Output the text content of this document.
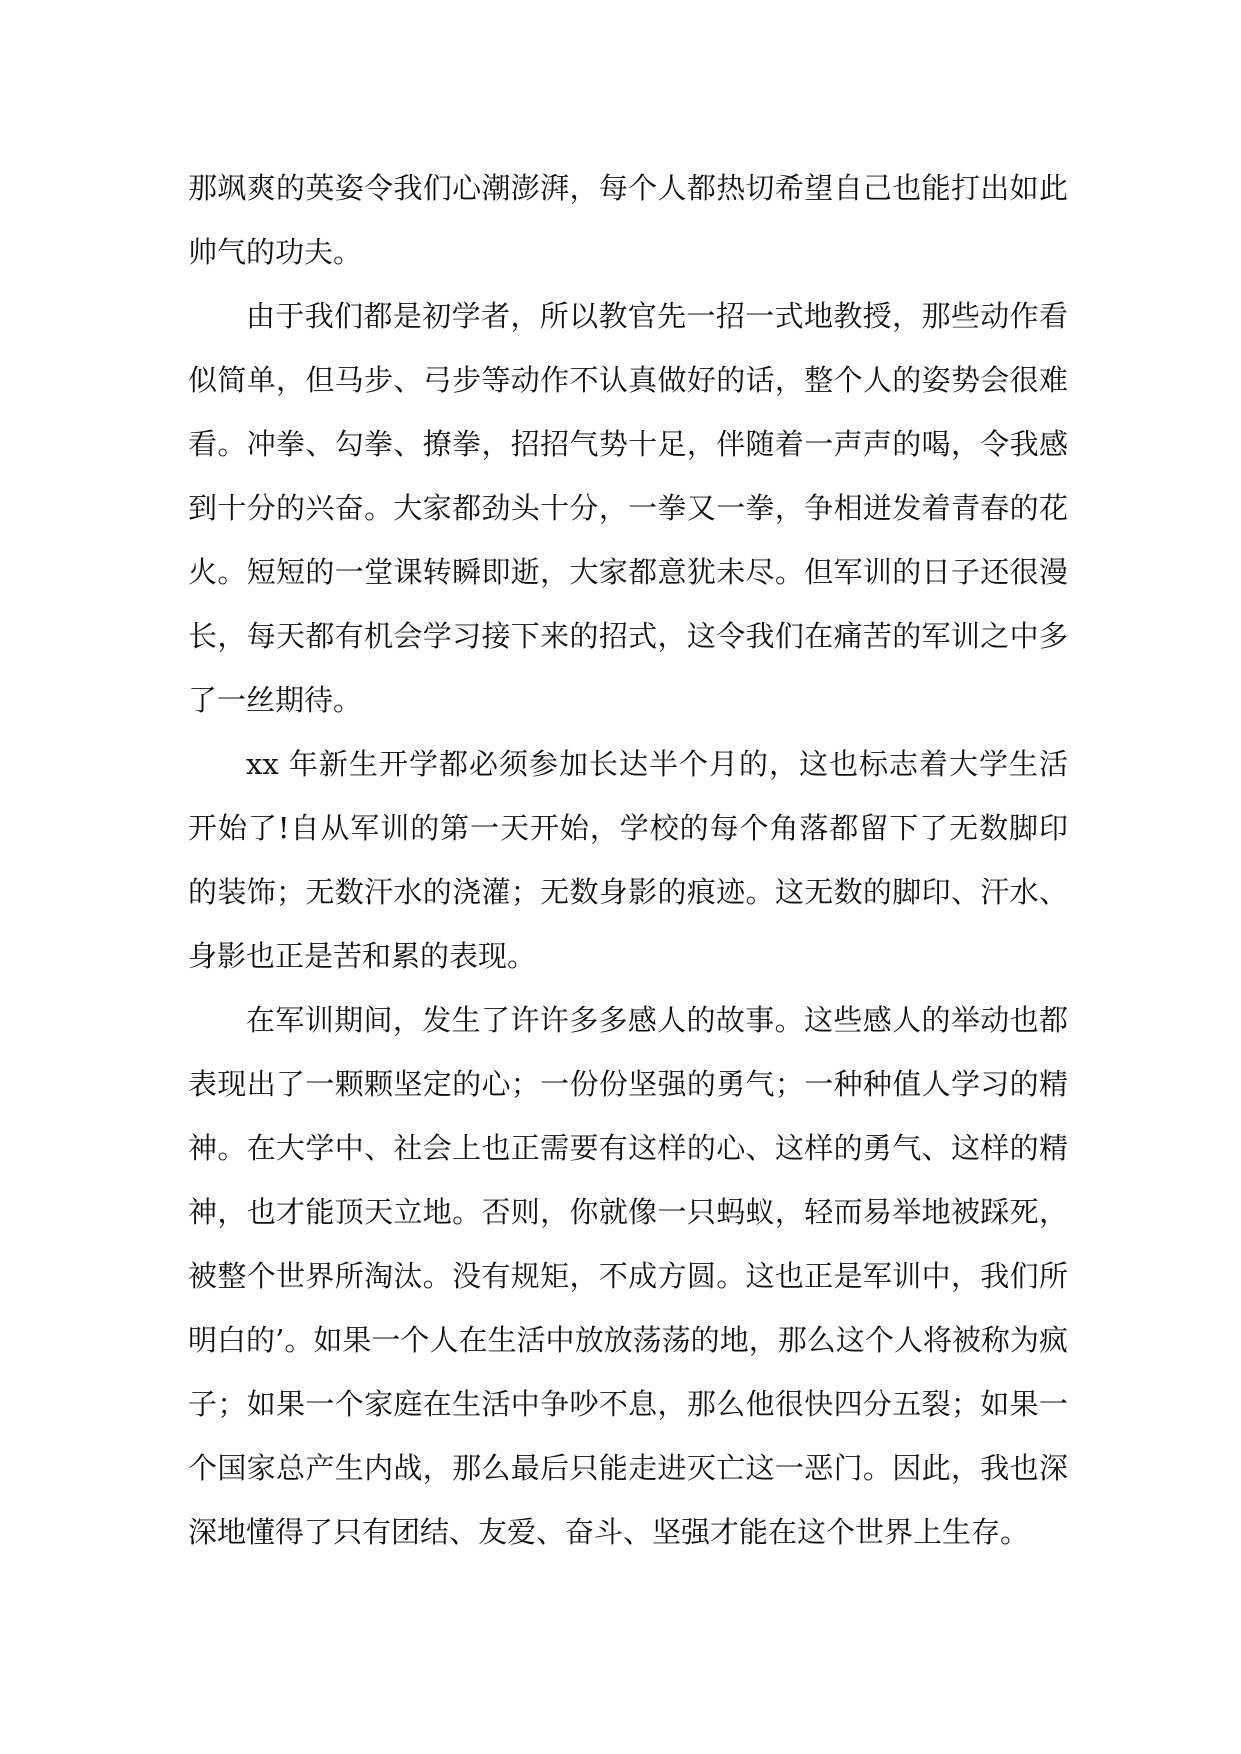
那飒爽的英姿令我们心潮澎湃，每个人都热切希望自己也能打出如此帅气的功夫。

由于我们都是初学者，所以教官先一招一式地教授，那些动作看似简单，但马步、弓步等动作不认真做好的话，整个人的姿势会很难看。冲拳、勾拳、撩拳，招招气势十足，伴随着一声声的喝，令我感到十分的兴奋。大家都劲头十分，一拳又一拳，争相迸发着青春的花火。短短的一堂课转瞬即逝，大家都意犹未尽。但军训的日子还很漫长，每天都有机会学习接下来的招式，这令我们在痛苦的军训之中多了一丝期待。

xx 年新生开学都必须参加长达半个月的，这也标志着大学生活开始了!自从军训的第一天开始，学校的每个角落都留下了无数脚印的装饰；无数汗水的浇灌；无数身影的痕迹。这无数的脚印、汗水、身影也正是苦和累的表现。

在军训期间，发生了许许多多感人的故事。这些感人的举动也都表现出了一颗颗坚定的心；一份份坚强的勇气；一种种值人学习的精神。在大学中、社会上也正需要有这样的心、这样的勇气、这样的精神，也才能顶天立地。否则，你就像一只蚂蚁，轻而易举地被踩死，被整个世界所淘汰。没有规矩，不成方圆。这也正是军训中，我们所明白的’。如果一个人在生活中放放荡荡的地，那么这个人将被称为疯子；如果一个家庭在生活中争吵不息，那么他很快四分五裂；如果一个国家总产生内战，那么最后只能走进灭亡这一恶门。因此，我也深深地懂得了只有团结、友爱、奋斗、坚强才能在这个世界上生存。
